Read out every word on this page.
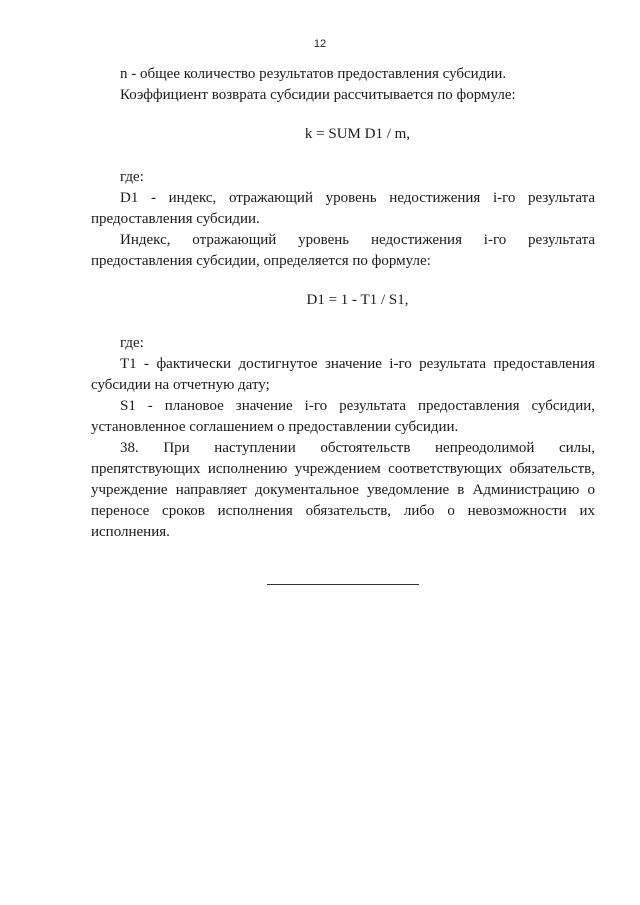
12

n - общее количество результатов предоставления субсидии.

Коэффициент возврата субсидии рассчитывается по формуле:

k = SUM D1 / m,

где:

D1 - индекс, отражающий уровень недостижения i-го результата предоставления субсидии.

Индекс, отражающий уровень недостижения i-го результата предоставления субсидии, определяется по формуле:

D1 = 1 - T1 / S1,

где:

T1 - фактически достигнутое значение i-го результата предоставления субсидии на отчетную дату;

S1 - плановое значение i-го результата предоставления субсидии, установленное соглашением о предоставлении субсидии.

38. При наступлении обстоятельств непреодолимой силы, препятствующих исполнению учреждением соответствующих обязательств, учреждение направляет документальное уведомление в Администрацию о переносе сроков исполнения обязательств, либо о невозможности их исполнения.
